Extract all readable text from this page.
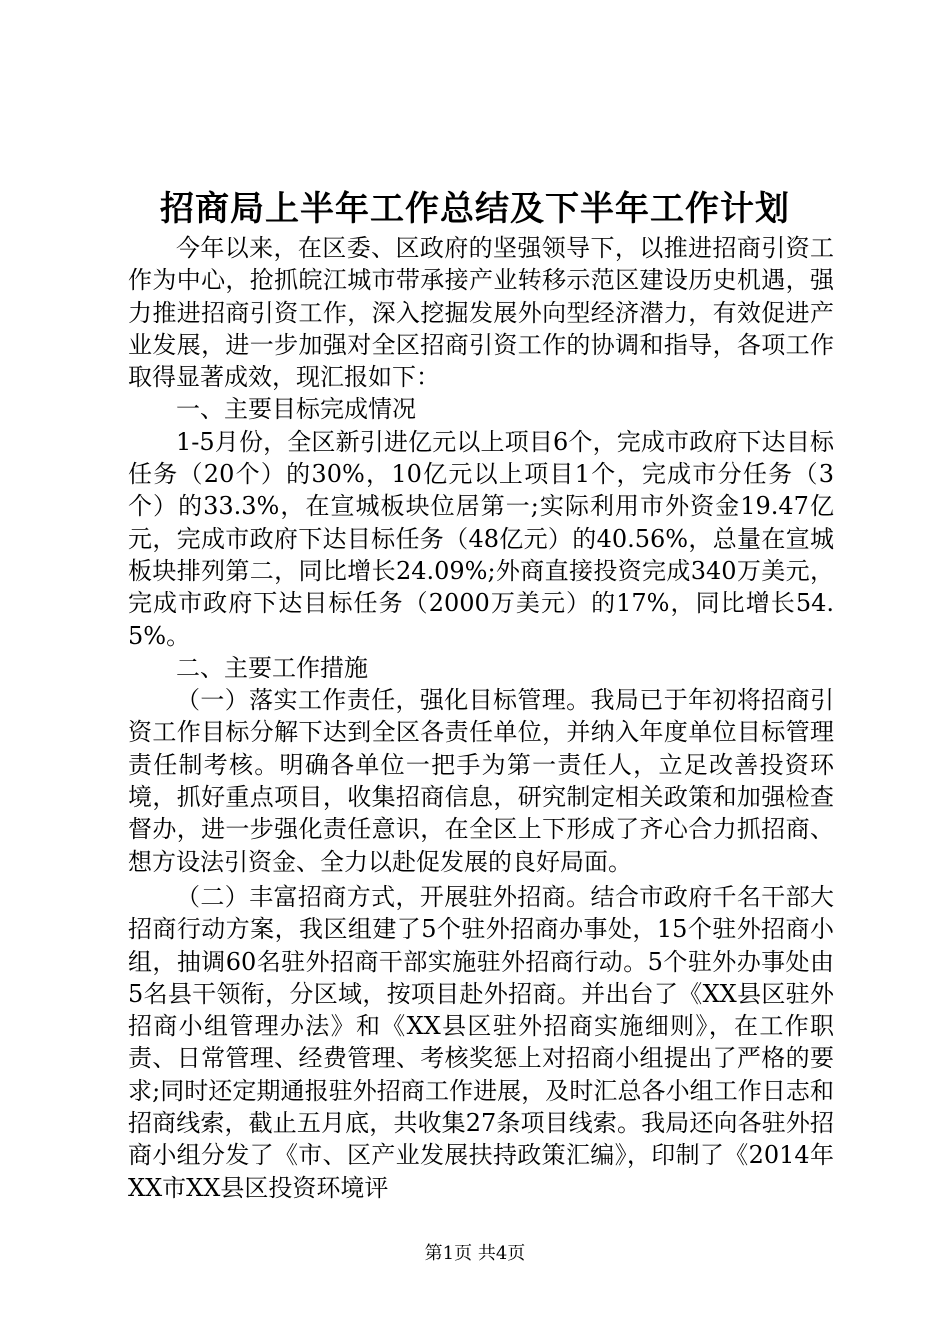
招商局上半年工作总结及下半年工作计划

今年以来，在区委、区政府的坚强领导下，以推进招商引资工作为中心，抢抓皖江城市带承接产业转移示范区建设历史机遇，强力推进招商引资工作，深入挖掘发展外向型经济潜力，有效促进产业发展，进一步加强对全区招商引资工作的协调和指导，各项工作取得显著成效，现汇报如下：

一、主要目标完成情况

1-5月份，全区新引进亿元以上项目6个，完成市政府下达目标任务（20个）的30%，10亿元以上项目1个，完成市分任务（3个）的33.3%，在宣城板块位居第一;实际利用市外资金19.47亿元，完成市政府下达目标任务（48亿元）的40.56%，总量在宣城板块排列第二，同比增长24.09%;外商直接投资完成340万美元，完成市政府下达目标任务（2000万美元）的17%，同比增长54.5%。

二、主要工作措施

（一）落实工作责任，强化目标管理。我局已于年初将招商引资工作目标分解下达到全区各责任单位，并纳入年度单位目标管理责任制考核。明确各单位一把手为第一责任人，立足改善投资环境，抓好重点项目，收集招商信息，研究制定相关政策和加强检查督办，进一步强化责任意识，在全区上下形成了齐心合力抓招商、想方设法引资金、全力以赴促发展的良好局面。

（二）丰富招商方式，开展驻外招商。结合市政府千名干部大招商行动方案，我区组建了5个驻外招商办事处，15个驻外招商小组，抽调60名驻外招商干部实施驻外招商行动。5个驻外办事处由5名县干领衔，分区域，按项目赴外招商。并出台了《XX县区驻外招商小组管理办法》和《XX县区驻外招商实施细则》，在工作职责、日常管理、经费管理、考核奖惩上对招商小组提出了严格的要求;同时还定期通报驻外招商工作进展，及时汇总各小组工作日志和招商线索，截止五月底，共收集27条项目线索。我局还向各驻外招商小组分发了《市、区产业发展扶持政策汇编》，印制了《2014年XX市XX县区投资环境评

第1页 共4页
